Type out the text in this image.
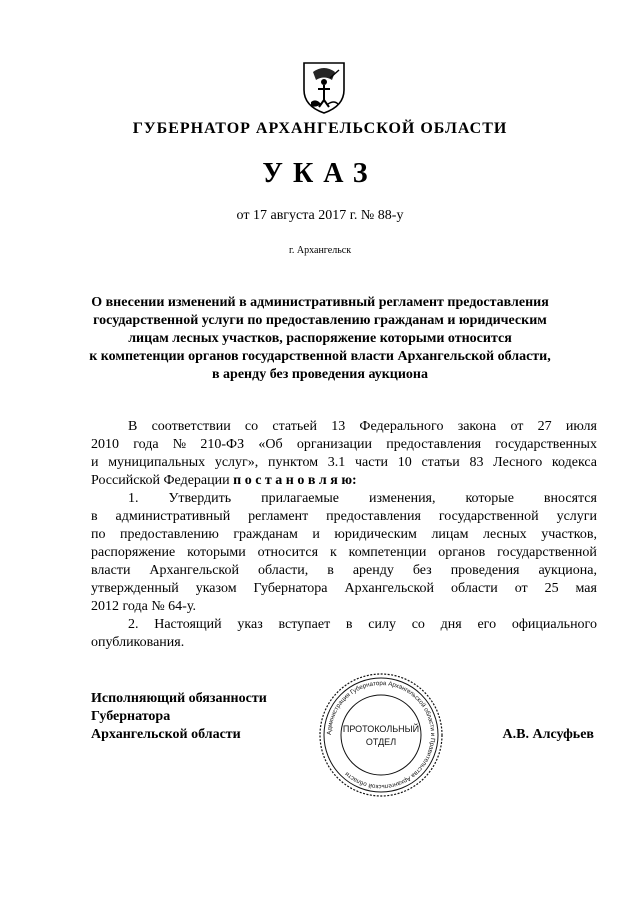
ГУБЕРНАТОР АРХАНГЕЛЬСКОЙ ОБЛАСТИ
УКАЗ
от 17 августа 2017 г. № 88-у
г. Архангельск
О внесении изменений в административный регламент предоставления
государственной услуги по предоставлению гражданам и юридическим
лицам лесных участков, распоряжение которыми относится
к компетенции органов государственной власти Архангельской области,
в аренду без проведения аукциона
В соответствии со статьей 13 Федерального закона от 27 июля
2010 года № 210-ФЗ «Об организации предоставления государственных
и муниципальных услуг», пунктом 3.1 части 10 статьи 83 Лесного кодекса
Российской Федерации п о с т а н о в л я ю:
1. Утвердить прилагаемые изменения, которые вносятся
в административный регламент предоставления государственной услуги
по предоставлению гражданам и юридическим лицам лесных участков,
распоряжение которыми относится к компетенции органов государственной
власти Архангельской области, в аренду без проведения аукциона,
утвержденный указом Губернатора Архангельской области от 25 мая
2012 года № 64-у.
2. Настоящий указ вступает в силу со дня его официального
опубликования.
Исполняющий обязанности
Губернатора
Архангельской области	Администрация Губернатора Архангельской области и Правительства Архангельской области
ПРОТОКОЛЬНЫЙ
ОТДЕЛ	А.В. Алсуфьев
